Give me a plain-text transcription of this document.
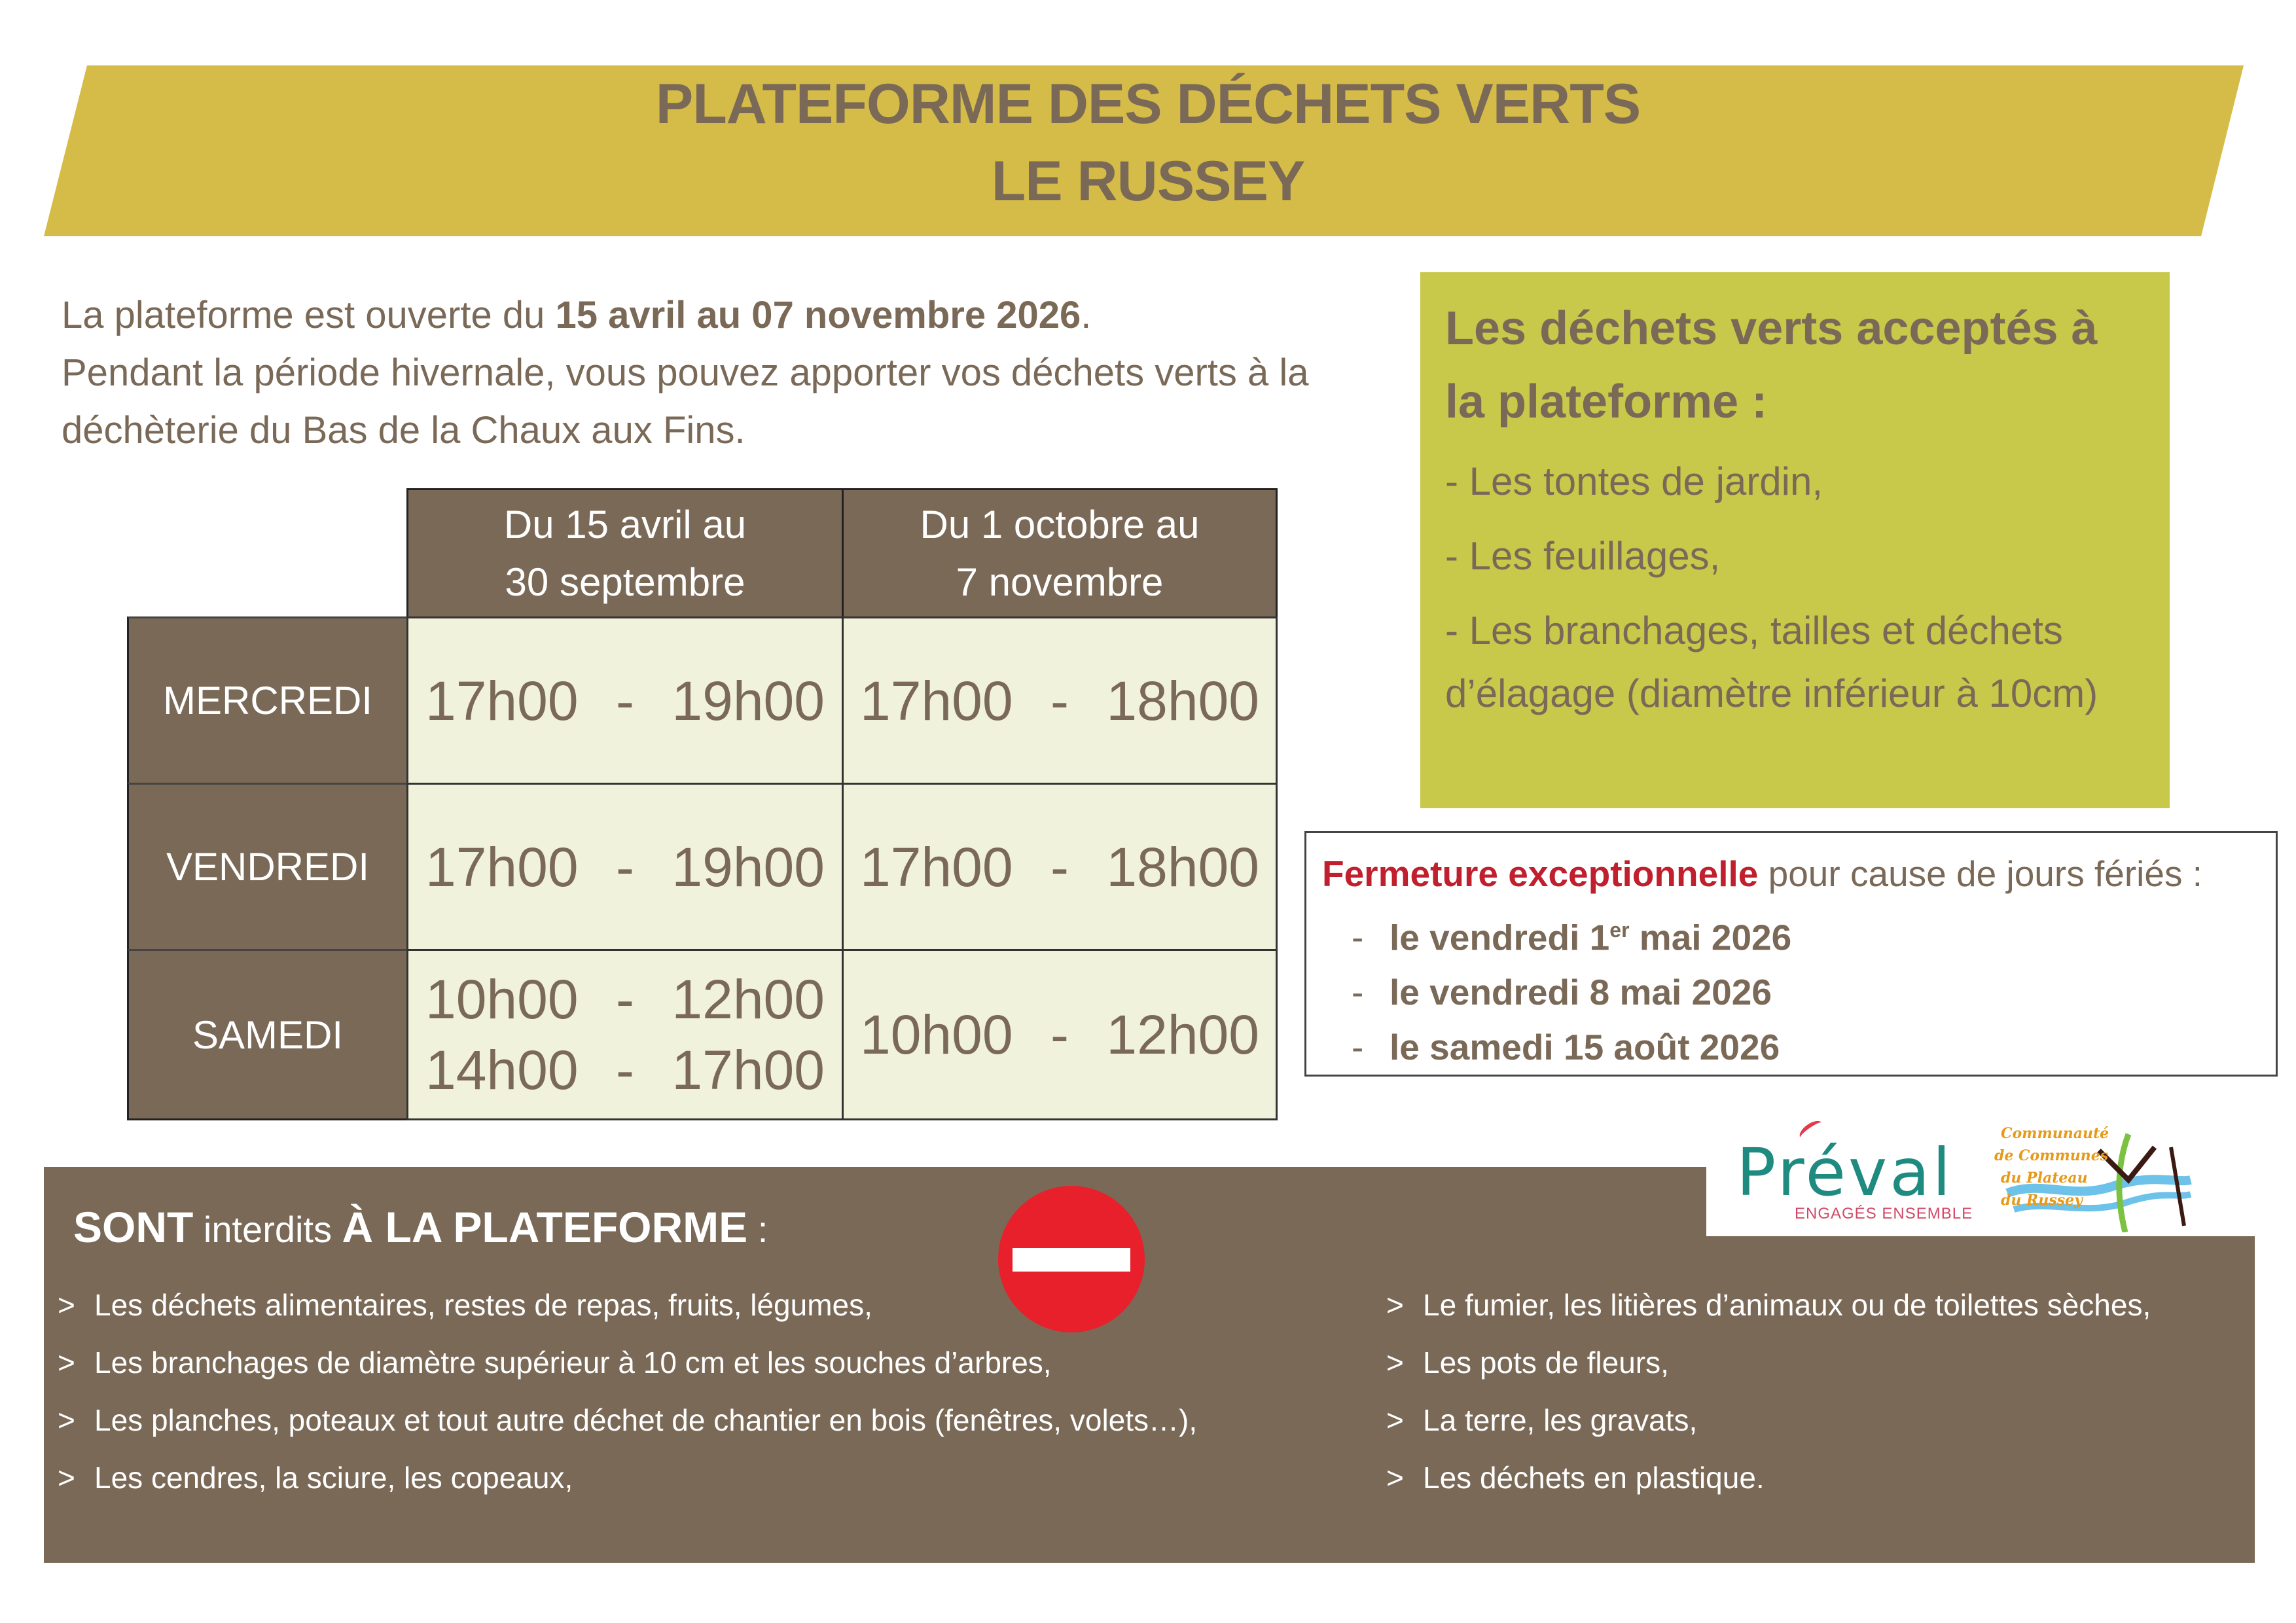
PLATEFORME DES DÉCHETS VERTS
LE RUSSEY
La plateforme est ouverte du 15 avril au 07 novembre 2026.
Pendant la période hivernale, vous pouvez apporter vos déchets verts à la déchèterie du Bas de la Chaux aux Fins.
Du 15 avril au
30 septembre
Du 1 octobre au
7 novembre
MERCREDI 17h00 - 19h00 17h00 - 18h00
VENDREDI	17h00 - 19h00 17h00 - 18h00
SAMEDI
10h00 - 12h00
14h00 - 17h00
10h00 - 12h00
Les déchets verts acceptés à la plateforme :
- Les tontes de jardin,
- Les feuillages,
- Les branchages, tailles et déchets d’élagage (diamètre inférieur à 10cm)
Fermeture exceptionnelle pour cause de jours fériés :
- le vendredi 1er mai 2026
- le vendredi 8 mai 2026
- le samedi 15 août 2026
Préval
ENGAGÉS ENSEMBLE
Communauté
de Communes
du Plateau
du Russey
SONT interdits À LA PLATEFORME :
> Les déchets alimentaires, restes de repas, fruits, légumes,
> Les branchages de diamètre supérieur à 10 cm et les souches d’arbres,
> Les planches, poteaux et tout autre déchet de chantier en bois (fenêtres, volets…),
> Les cendres, la sciure, les copeaux,
> Le fumier, les litières d’animaux ou de toilettes sèches,
> Les pots de fleurs,
> La terre, les gravats,
> Les déchets en plastique.
